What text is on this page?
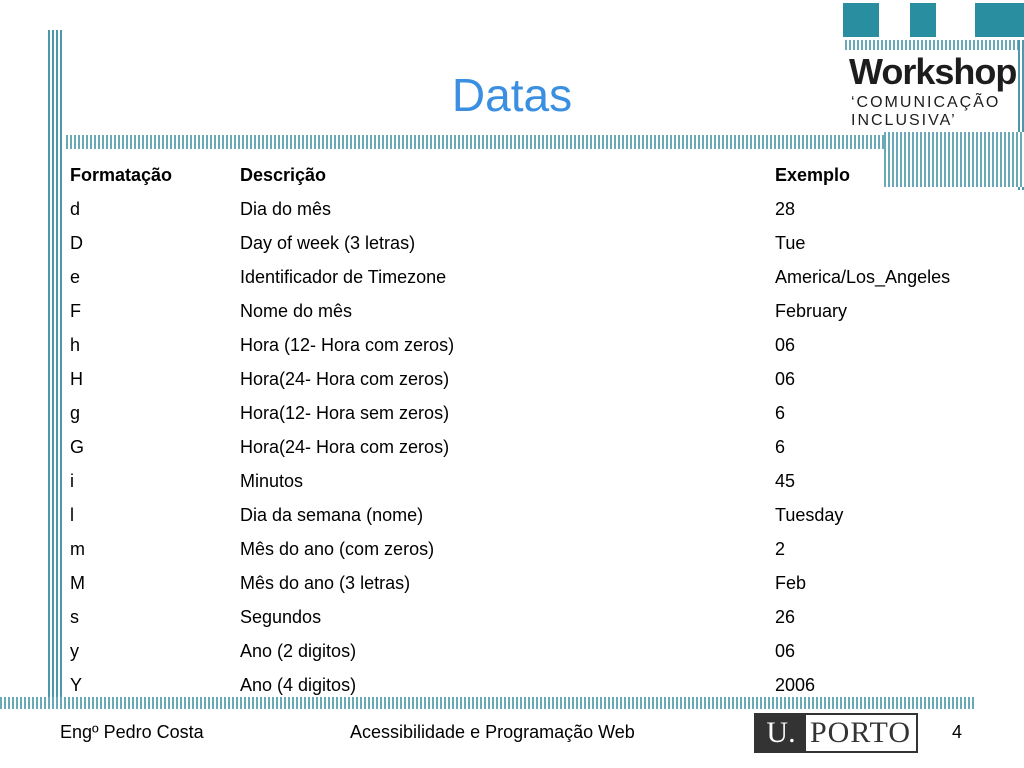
Workshop
‘COMUNICAÇÃO
INCLUSIVA’
Datas
Formatação	Descrição	Exemplo
d	Dia do mês	28
D	Day of week (3 letras)	Tue
e	Identificador de Timezone	America/Los_Angeles
F	Nome do mês	February
h	Hora (12- Hora com zeros)	06
H	Hora(24- Hora com zeros)	06
g	Hora(12- Hora sem zeros)	6
G	Hora(24- Hora com zeros)	6
i	Minutos	45
l	Dia da semana (nome)	Tuesday
m	Mês do ano (com zeros)	2
M	Mês do ano (3 letras)	Feb
s	Segundos	26
y	Ano (2 digitos)	06
Y	Ano (4 digitos)	2006
Engº Pedro Costa	Acessibilidade e Programação Web	U. PORTO 4
